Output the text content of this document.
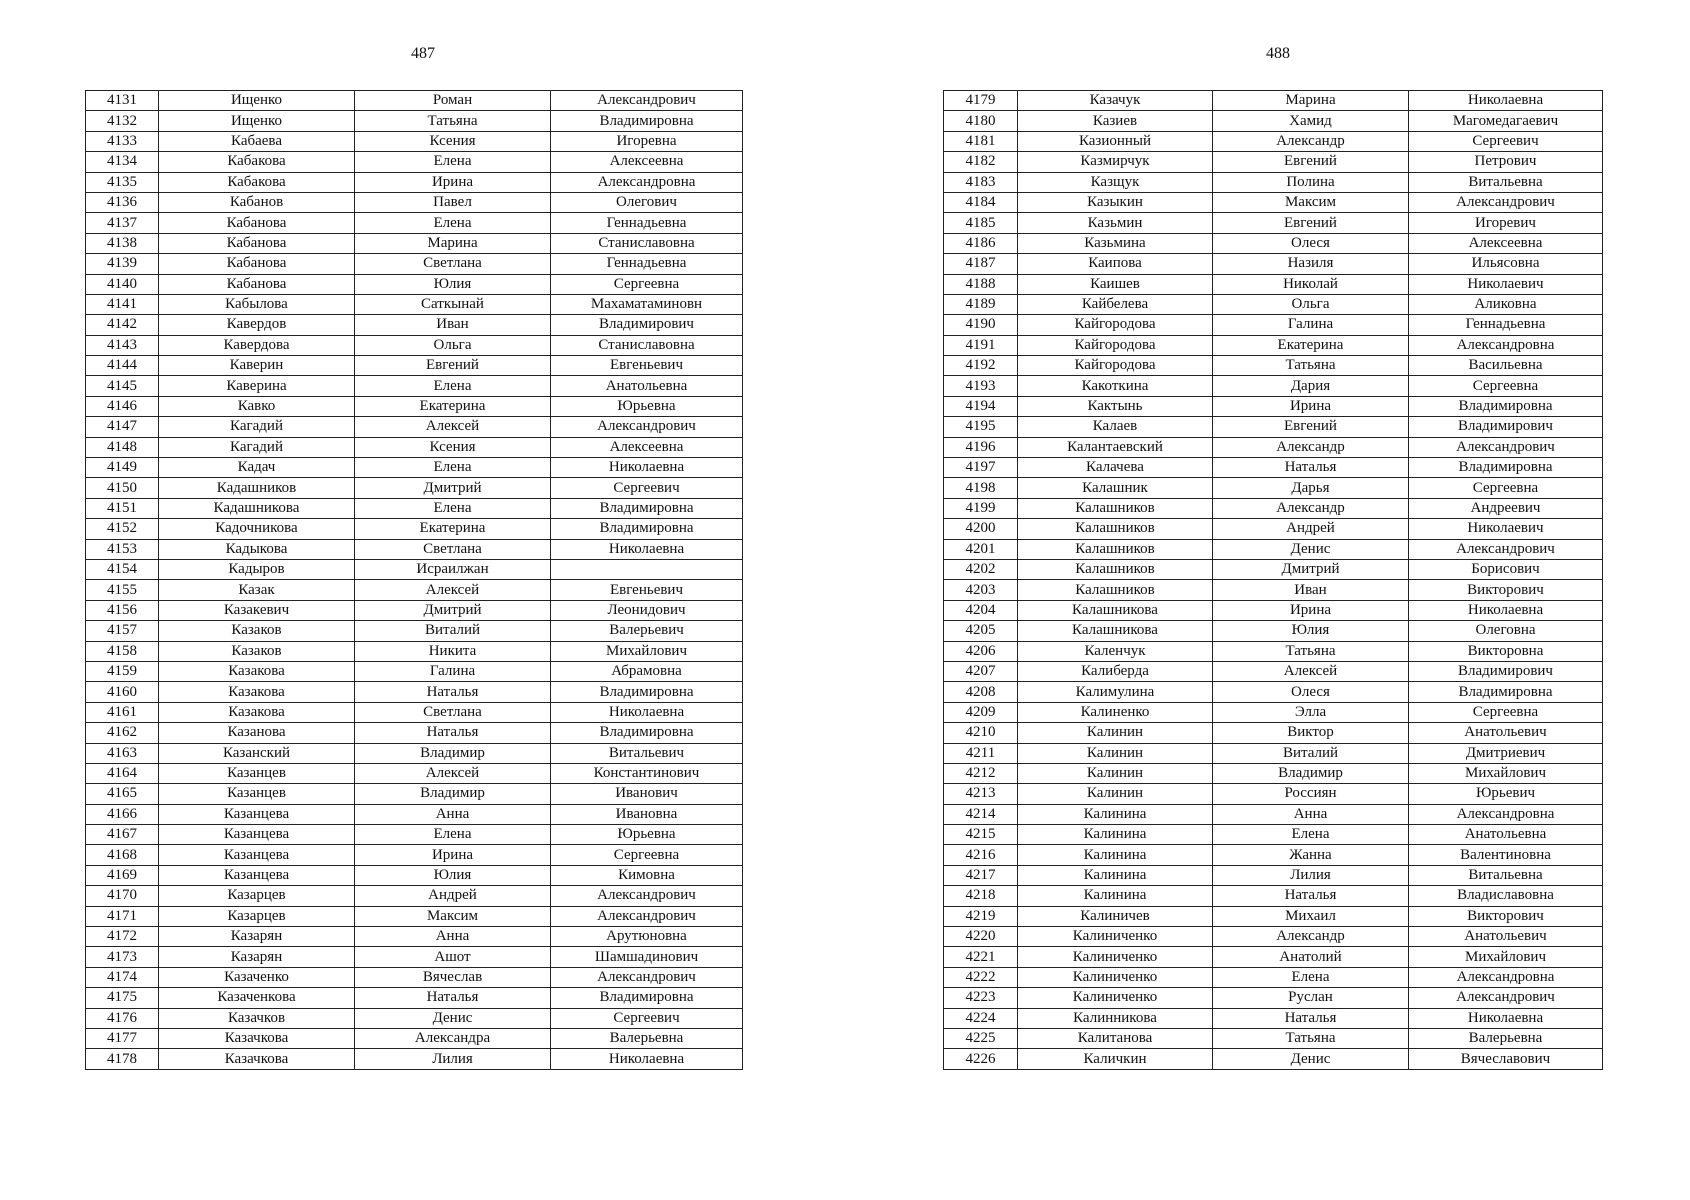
487	488
4131	Ищенко	Роман	Александрович
4132	Ищенко	Татьяна	Владимировна
4133	Кабаева	Ксения	Игоревна
4134	Кабакова	Елена	Алексеевна
4135	Кабакова	Ирина	Александровна
4136	Кабанов	Павел	Олегович
4137	Кабанова	Елена	Геннадьевна
4138	Кабанова	Марина	Станиславовна
4139	Кабанова	Светлана	Геннадьевна
4140	Кабанова	Юлия	Сергеевна
4141	Кабылова	Саткынай	Махаматаминовн
4142	Кавердов	Иван	Владимирович
4143	Кавердова	Ольга	Станиславовна
4144	Каверин	Евгений	Евгеньевич
4145	Каверина	Елена	Анатольевна
4146	Кавко	Екатерина	Юрьевна
4147	Кагадий	Алексей	Александрович
4148	Кагадий	Ксения	Алексеевна
4149	Кадач	Елена	Николаевна
4150	Кадашников	Дмитрий	Сергеевич
4151	Кадашникова	Елена	Владимировна
4152	Кадочникова	Екатерина	Владимировна
4153	Кадыкова	Светлана	Николаевна
4154	Кадыров	Исраилжан	
4155	Казак	Алексей	Евгеньевич
4156	Казакевич	Дмитрий	Леонидович
4157	Казаков	Виталий	Валерьевич
4158	Казаков	Никита	Михайлович
4159	Казакова	Галина	Абрамовна
4160	Казакова	Наталья	Владимировна
4161	Казакова	Светлана	Николаевна
4162	Казанова	Наталья	Владимировна
4163	Казанский	Владимир	Витальевич
4164	Казанцев	Алексей	Константинович
4165	Казанцев	Владимир	Иванович
4166	Казанцева	Анна	Ивановна
4167	Казанцева	Елена	Юрьевна
4168	Казанцева	Ирина	Сергеевна
4169	Казанцева	Юлия	Кимовна
4170	Казарцев	Андрей	Александрович
4171	Казарцев	Максим	Александрович
4172	Казарян	Анна	Арутюновна
4173	Казарян	Ашот	Шамшадинович
4174	Казаченко	Вячеслав	Александрович
4175	Казаченкова	Наталья	Владимировна
4176	Казачков	Денис	Сергеевич
4177	Казачкова	Александра	Валерьевна
4178	Казачкова	Лилия	Николаевна
4179	Казачук	Марина	Николаевна
4180	Казиев	Хамид	Магомедагаевич
4181	Казионный	Александр	Сергеевич
4182	Казмирчук	Евгений	Петрович
4183	Казщук	Полина	Витальевна
4184	Казыкин	Максим	Александрович
4185	Казьмин	Евгений	Игоревич
4186	Казьмина	Олеся	Алексеевна
4187	Каипова	Назиля	Ильясовна
4188	Каишев	Николай	Николаевич
4189	Кайбелева	Ольга	Аликовна
4190	Кайгородова	Галина	Геннадьевна
4191	Кайгородова	Екатерина	Александровна
4192	Кайгородова	Татьяна	Васильевна
4193	Какоткина	Дария	Сергеевна
4194	Кактынь	Ирина	Владимировна
4195	Калаев	Евгений	Владимирович
4196	Калантаевский	Александр	Александрович
4197	Калачева	Наталья	Владимировна
4198	Калашник	Дарья	Сергеевна
4199	Калашников	Александр	Андреевич
4200	Калашников	Андрей	Николаевич
4201	Калашников	Денис	Александрович
4202	Калашников	Дмитрий	Борисович
4203	Калашников	Иван	Викторович
4204	Калашникова	Ирина	Николаевна
4205	Калашникова	Юлия	Олеговна
4206	Каленчук	Татьяна	Викторовна
4207	Калиберда	Алексей	Владимирович
4208	Калимулина	Олеся	Владимировна
4209	Калиненко	Элла	Сергеевна
4210	Калинин	Виктор	Анатольевич
4211	Калинин	Виталий	Дмитриевич
4212	Калинин	Владимир	Михайлович
4213	Калинин	Россиян	Юрьевич
4214	Калинина	Анна	Александровна
4215	Калинина	Елена	Анатольевна
4216	Калинина	Жанна	Валентиновна
4217	Калинина	Лилия	Витальевна
4218	Калинина	Наталья	Владиславовна
4219	Калиничев	Михаил	Викторович
4220	Калиниченко	Александр	Анатольевич
4221	Калиниченко	Анатолий	Михайлович
4222	Калиниченко	Елена	Александровна
4223	Калиниченко	Руслан	Александрович
4224	Калинникова	Наталья	Николаевна
4225	Калитанова	Татьяна	Валерьевна
4226	Каличкин	Денис	Вячеславович
